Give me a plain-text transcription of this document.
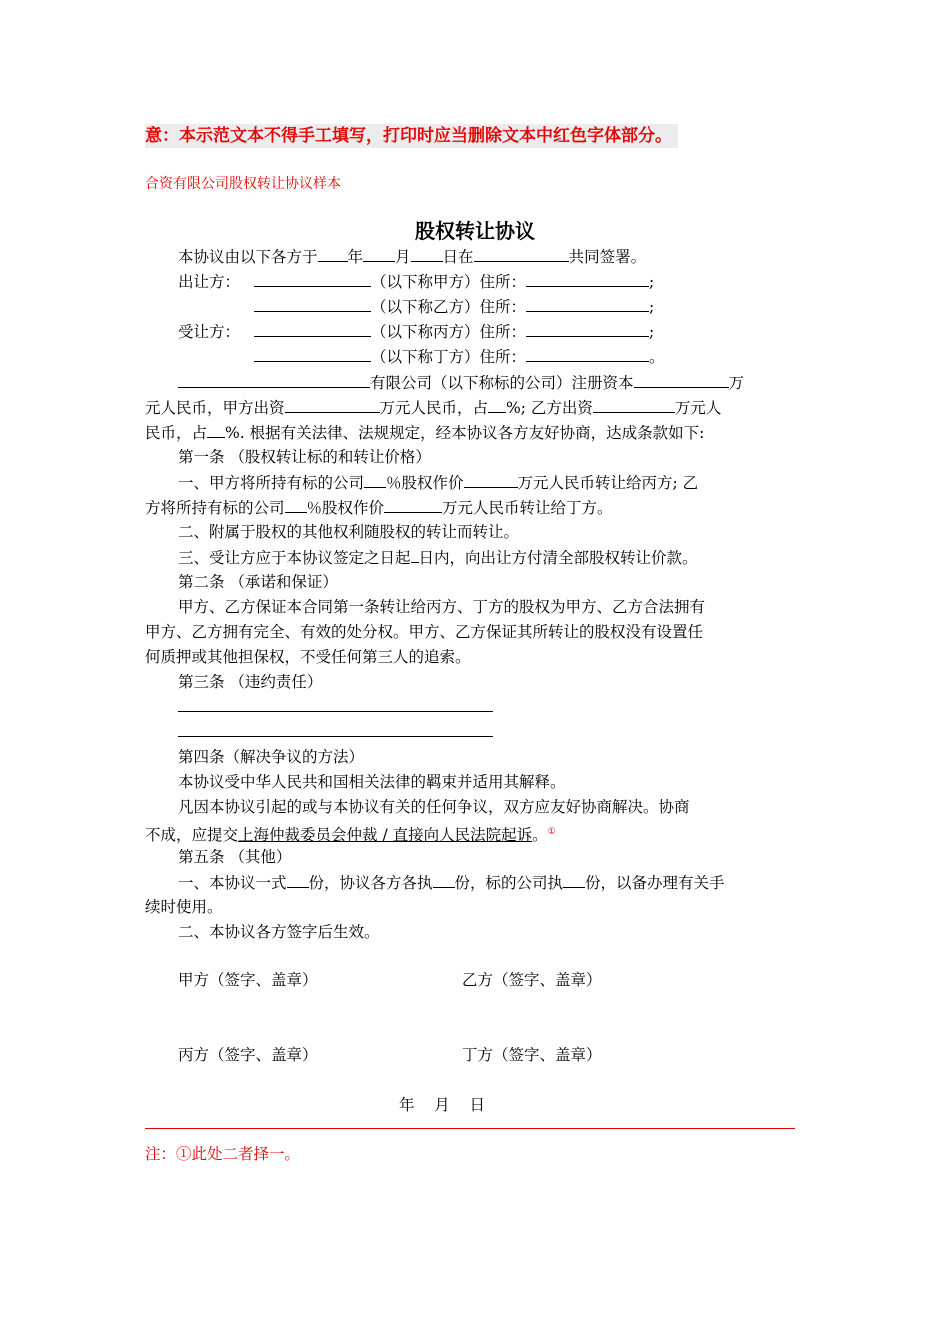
意：本示范文本不得手工填写，打印时应当删除文本中红色字体部分。
合资有限公司股权转让协议样本
股权转让协议
本协议由以下各方于 年 月 日在	共同签署。
出让方：	（以下称甲方）住所：	;
（以下称乙方）住所：	;
受让方：	（以下称丙方）住所：	;
（以下称丁方）住所：	。
有限公司（以下称标的公司）注册资本	万
元人民币，甲方出资	万元人民币，占 %; 乙方出资	万元人
民币，占 %. 根据有关法律、法规规定，经本协议各方友好协商，达成条款如下:
第一条 （股权转让标的和转让价格）
一、甲方将所持有标的公司 ％股权作价	万元人民币转让给丙方; 乙
方将所持有标的公司 ％股权作价	万元人民币转让给丁方。
二、附属于股权的其他权利随股权的转让而转让。
三、受让方应于本协议签定之日起 日内，向出让方付清全部股权转让价款。
第二条 （承诺和保证）
甲方、乙方保证本合同第一条转让给丙方、丁方的股权为甲方、乙方合法拥有
甲方、乙方拥有完全、有效的处分权。甲方、乙方保证其所转让的股权没有设置任
何质押或其他担保权，不受任何第三人的追索。
第三条 （违约责任）
第四条（解决争议的方法）
本协议受中华人民共和国相关法律的羁束并适用其解释。
凡因本协议引起的或与本协议有关的任何争议，双方应友好协商解决。协商
不成，应提交上海仲裁委员会仲裁 / 直接向人民法院起诉。①
第五条 （其他）
一、本协议一式 份，协议各方各执 份，标的公司执 份，以备办理有关手
续时使用。
二、本协议各方签字后生效。
甲方（签字、盖章）	乙方（签字、盖章）
丙方（签字、盖章）	丁方（签字、盖章）
年    月    日
注：①此处二者择一。
